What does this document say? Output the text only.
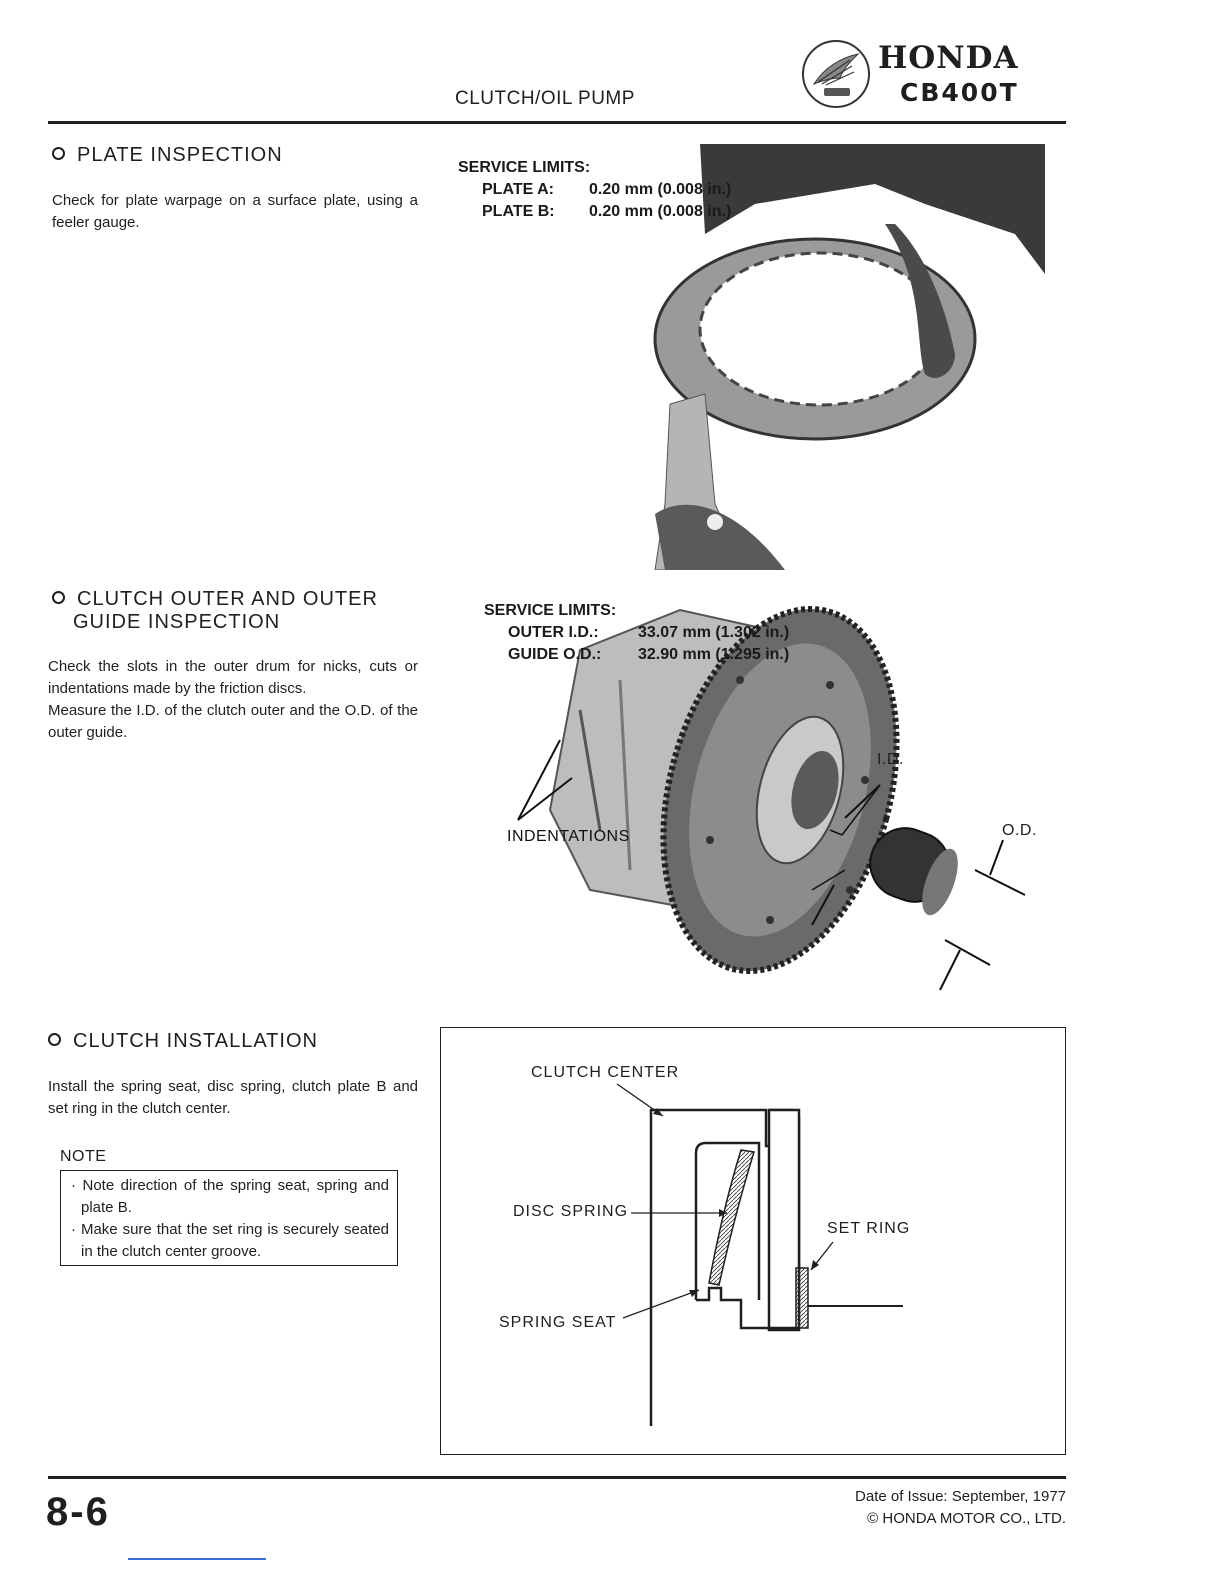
CLUTCH/OIL PUMP
HONDA
CB400T
PLATE INSPECTION
Check for plate warpage on a surface plate, using a feeler gauge.
SERVICE LIMITS:
PLATE A: 0.20 mm (0.008 in.)
PLATE B: 0.20 mm (0.008 in.)
CLUTCH OUTER AND OUTER
GUIDE INSPECTION
Check the slots in the outer drum for nicks, cuts or indentations made by the friction discs.
Measure the I.D. of the clutch outer and the O.D. of the outer guide.
SERVICE LIMITS:
OUTER I.D.: 33.07 mm (1.302 in.)
GUIDE O.D.: 32.90 mm (1.295 in.)
I.D.
O.D.
INDENTATIONS
CLUTCH INSTALLATION
Install the spring seat, disc spring, clutch plate B and set ring in the clutch center.
NOTE
· Note direction of the spring seat, spring and plate B.
· Make sure that the set ring is securely seated in the clutch center groove.
CLUTCH CENTER
DISC SPRING
SET RING
SPRING SEAT
8-6	Date of Issue: September, 1977
© HONDA MOTOR CO., LTD.
